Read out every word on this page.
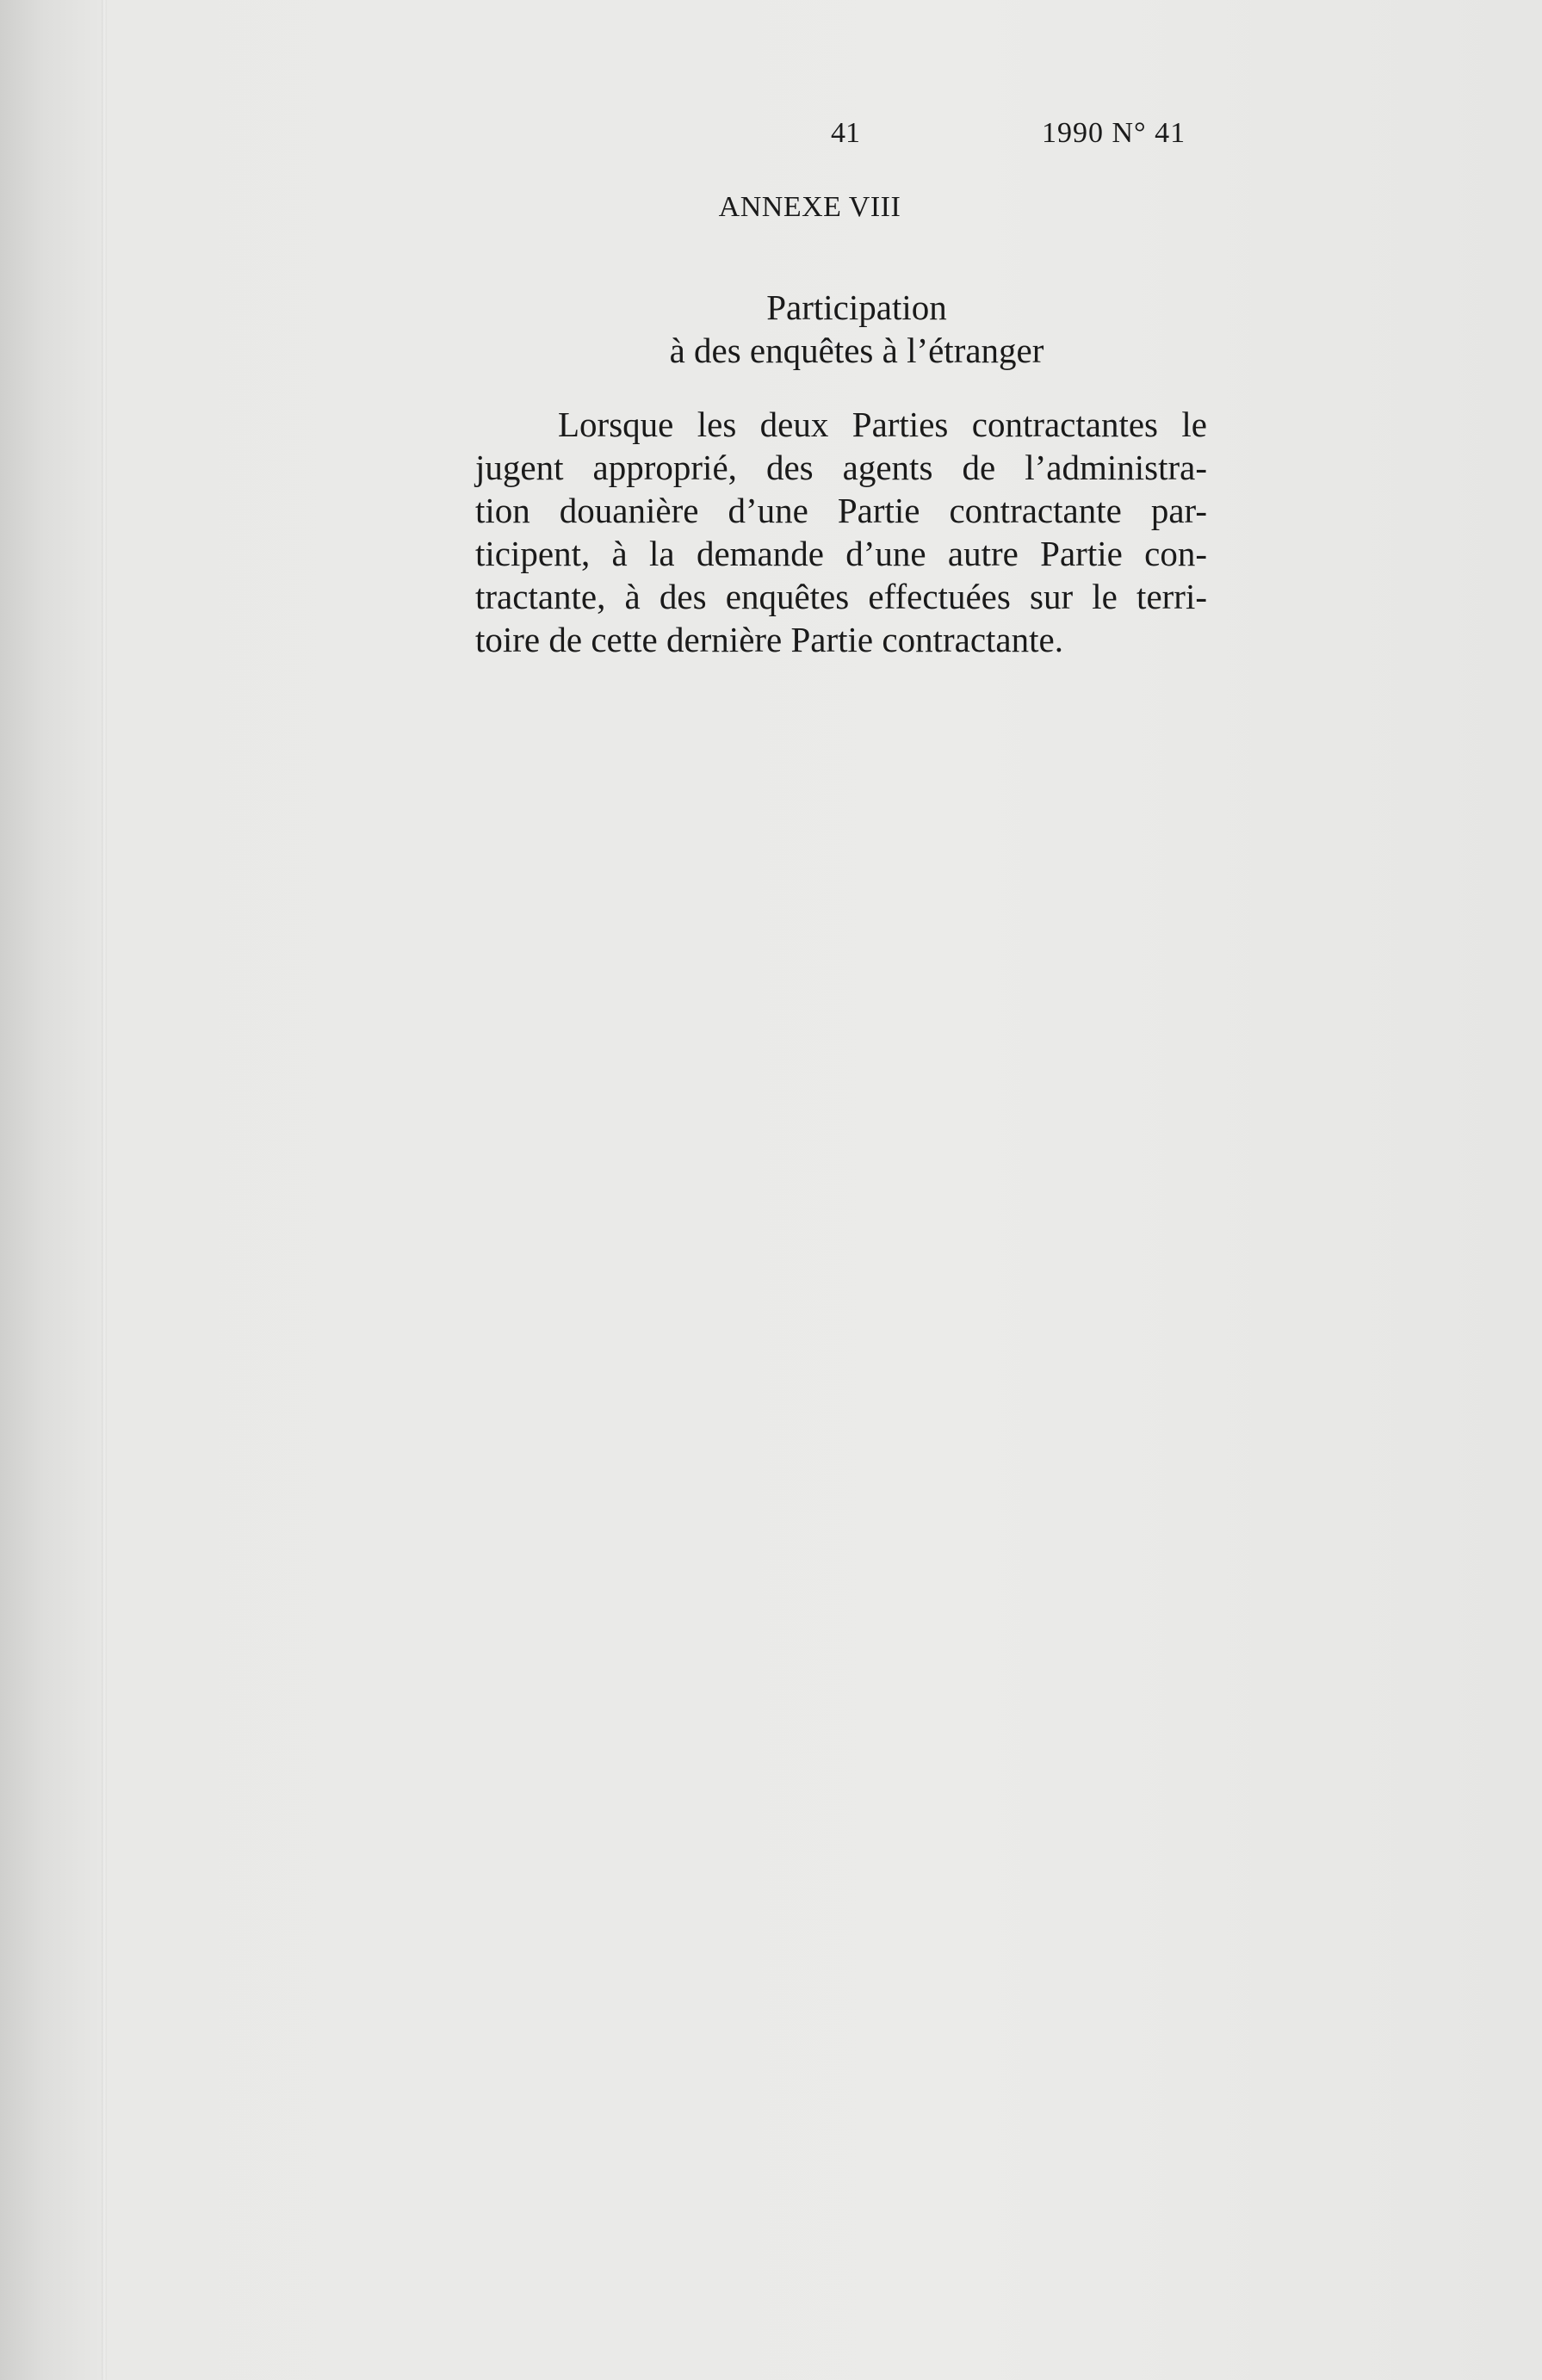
41	1990 N° 41
ANNEXE VIII
Participation
à des enquêtes à l’étranger
Lorsque les deux Parties contractantes le
jugent approprié, des agents de l’administra-
tion douanière d’une Partie contractante par-
ticipent, à la demande d’une autre Partie con-
tractante, à des enquêtes effectuées sur le terri-
toire de cette dernière Partie contractante.
